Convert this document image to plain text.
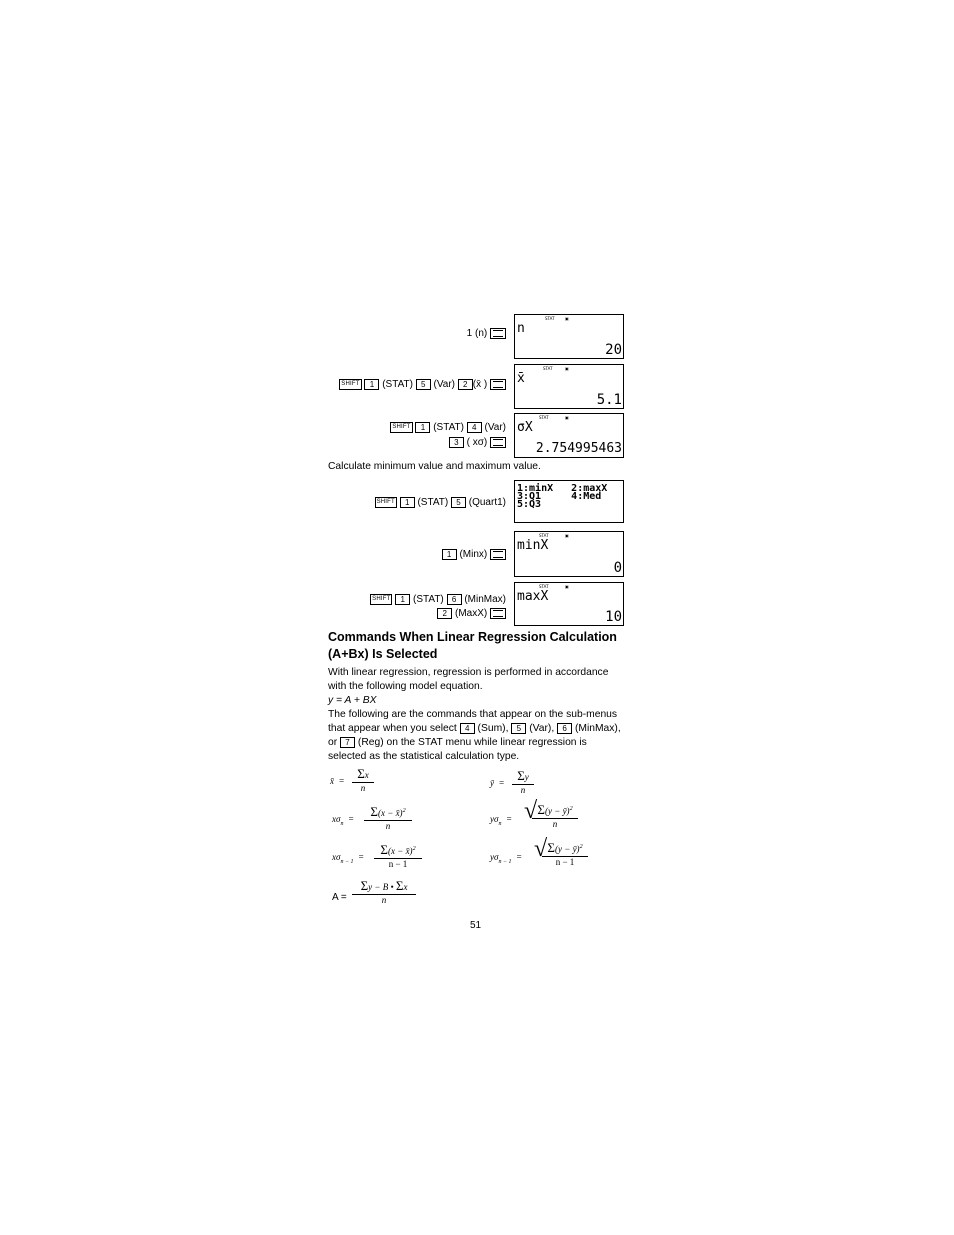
1 (n)
STAT	▣
n
20
SHIFT 1 (STAT) 5 (Var) 2 (x̄ )
STAT	▣
x̄
5.1
SHIFT 1 (STAT) 4 (Var)
3 ( xσ)
STAT	▣
σX
2.754995463
Calculate minimum value and maximum value.
SHIFT 1 (STAT) 5 (Quart1)
1:minX   2:maxX
3:Q1     4:Med
5:Q3
1 (Minx)
STAT	▣
minX
0
SHIFT 1 (STAT) 6 (MinMax)
2 (MaxX)
STAT	▣
maxX
10
Commands When Linear Regression Calculation (A+Bx) Is Selected
With linear regression, regression is performed in accordance with the following model equation.
y = A + BX
The following are the commands that appear on the sub-menus that appear when you select 4 (Sum), 5 (Var), 6 (MinMax), or 7 (Reg) on the STAT menu while linear regression is selected as the statistical calculation type.
x̄  = $\frac{\Sigma x}{n}$	ȳ  = $\frac{\Sigma y}{n}$
$x\sigma_n = \frac{\Sigma(x - x̄)^2}{n}$	$y\sigma_n$  = √
$\frac{\Sigma(y - ȳ)^2}{n}$
$x\sigma_{n - 1} = \frac{\Sigma(x - x̄)^2}{n - 1}$	$y\sigma_{n - 1}$  = √
$\frac{\Sigma(y - ȳ)^2}{n - 1}$
$A = \frac{\Sigma y - B • \Sigma x}{n}$
51
